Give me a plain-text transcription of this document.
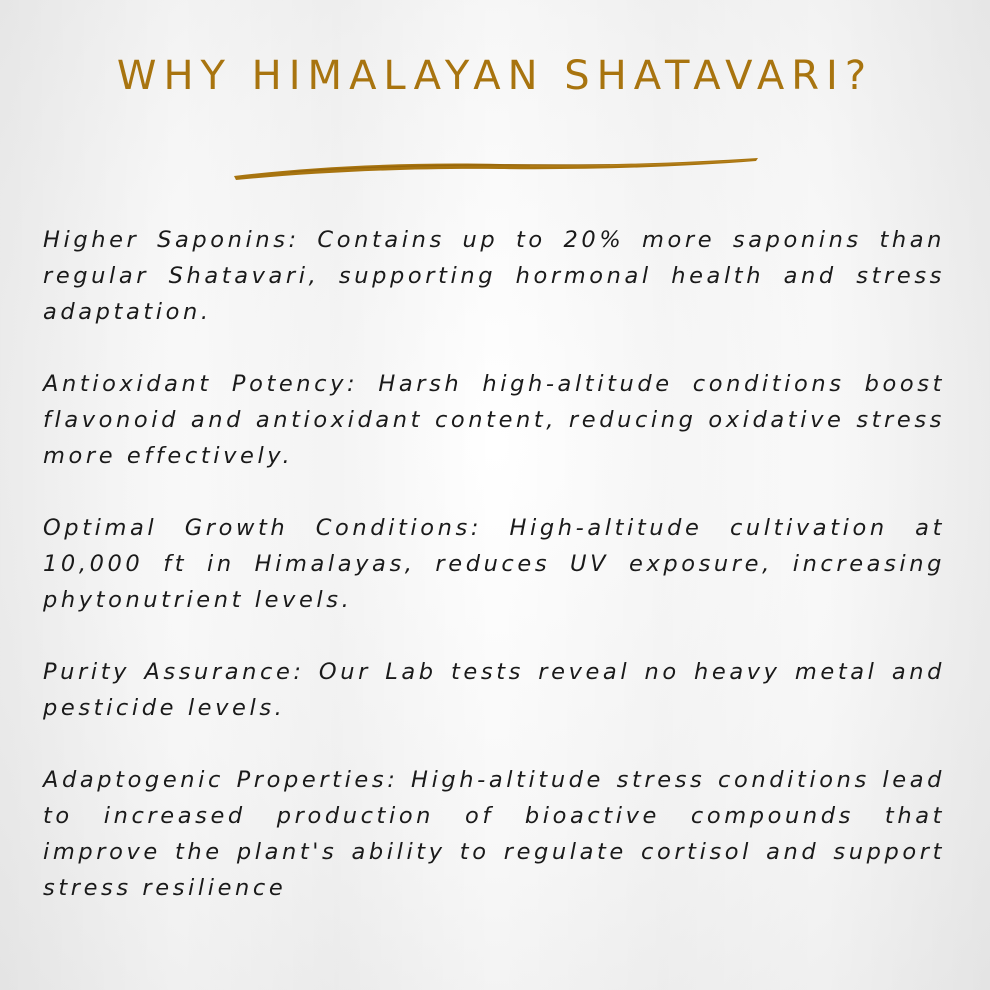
WHY HIMALAYAN SHATAVARI?

Higher Saponins: Contains up to 20% more saponins than regular Shatavari, supporting hormonal health and stress adaptation.

Antioxidant Potency: Harsh high-altitude conditions boost flavonoid and antioxidant content, reducing oxidative stress more effectively.

Optimal Growth Conditions: High-altitude cultivation at 10,000 ft in Himalayas, reduces UV exposure, increasing phytonutrient levels.

Purity Assurance: Our Lab tests reveal no heavy metal and pesticide levels.

Adaptogenic Properties: High-altitude stress conditions lead to increased production of bioactive compounds that improve the plant's ability to regulate cortisol and support stress resilience
